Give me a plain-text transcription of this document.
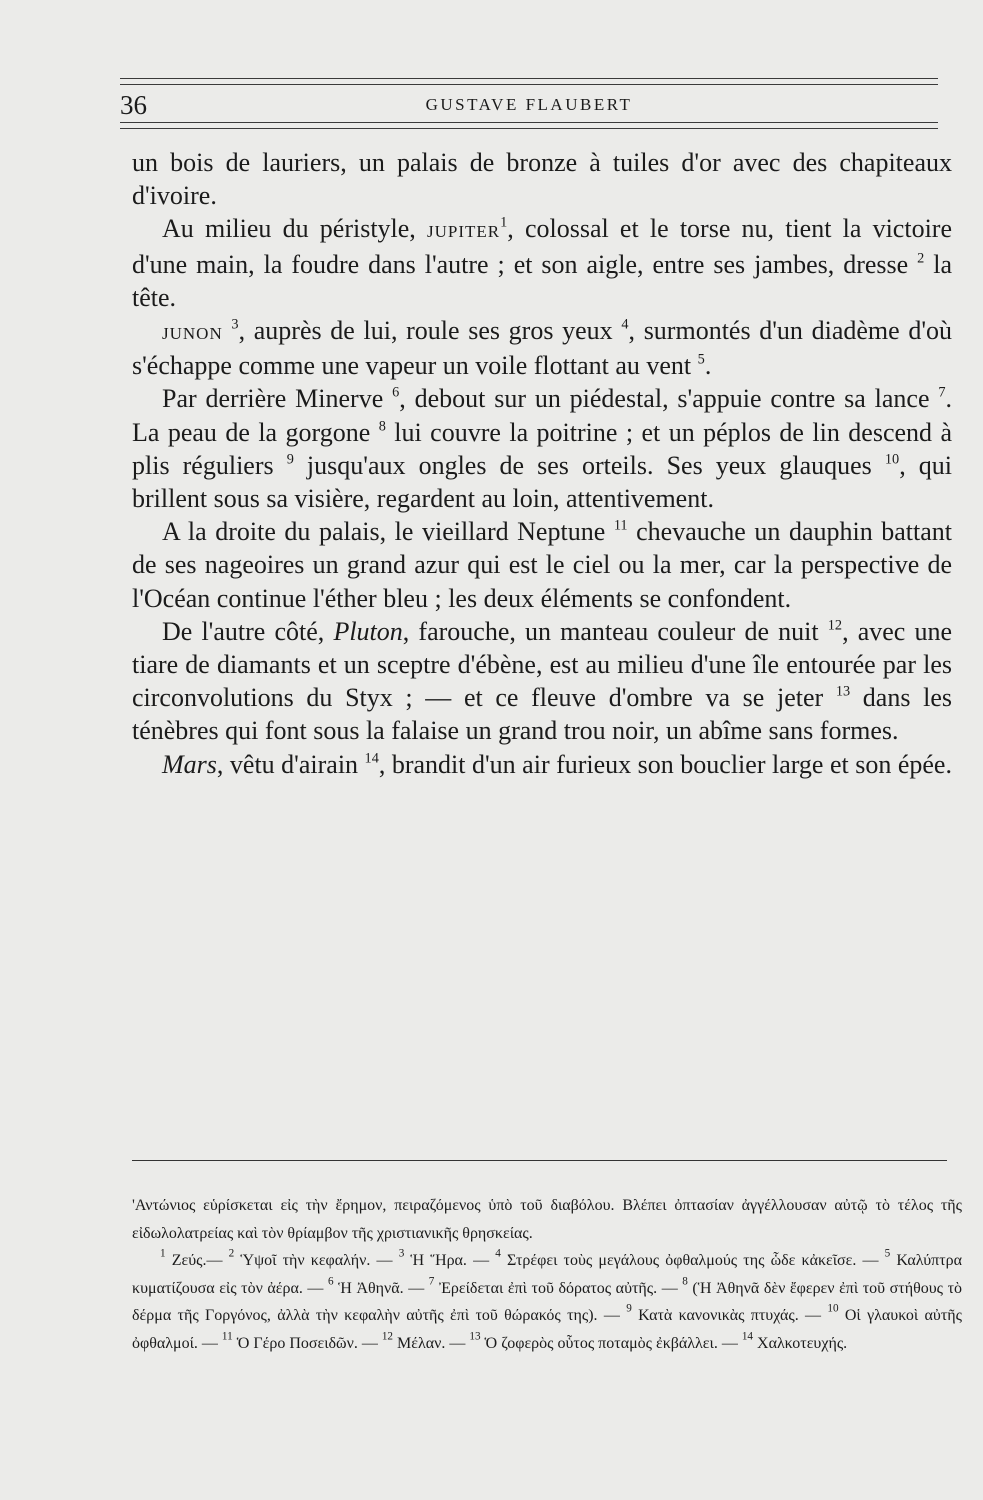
36	GUSTAVE FLAUBERT

un bois de lauriers, un palais de bronze à tuiles d'or avec des chapiteaux d'ivoire.

Au milieu du péristyle, jupiter$^1$, colossal et le torse nu, tient la victoire d'une main, la foudre dans l'autre ; et son aigle, entre ses jambes, dresse $^2$ la tête.

junon $^3$, auprès de lui, roule ses gros yeux $^4$, surmontés d'un diadème d'où s'échappe comme une vapeur un voile flottant au vent $^5$.

Par derrière Minerve $^6$, debout sur un piédestal, s'appuie contre sa lance $^7$. La peau de la gorgone $^8$ lui couvre la poitrine ; et un péplos de lin descend à plis réguliers $^9$ jusqu'aux ongles de ses orteils. Ses yeux glauques $^{10}$, qui brillent sous sa visière, regardent au loin, attentivement.

A la droite du palais, le vieillard Neptune $^{11}$ chevauche un dauphin battant de ses nageoires un grand azur qui est le ciel ou la mer, car la perspective de l'Océan continue l'éther bleu ; les deux éléments se confondent.

De l'autre côté, Pluton, farouche, un manteau couleur de nuit $^{12}$, avec une tiare de diamants et un sceptre d'ébène, est au milieu d'une île entourée par les circonvolutions du Styx ; — et ce fleuve d'ombre va se jeter $^{13}$ dans les ténèbres qui font sous la falaise un grand trou noir, un abîme sans formes.

Mars, vêtu d'airain $^{14}$, brandit d'un air furieux son bouclier large et son épée.

'Αντώνιος εὑρίσκεται εἰς τὴν ἔρημον, πειραζόμενος ὑπὸ τοῦ διαβόλου. Βλέπει ὀπτασίαν ἀγγέλλουσαν αὐτῷ τὸ τέλος τῆς εἰδωλολατρείας καὶ τὸν θρίαμβον τῆς χριστιανικῆς θρησκείας.

$^1$ Ζεύς.— $^2$ Ὑψοῖ τὴν κεφαλήν. — $^3$ Ἡ Ἥρα. — $^4$ Στρέφει τοὺς μεγάλους ὀφθαλμούς της ὧδε κἀκεῖσε. — $^5$ Καλύπτρα κυματίζουσα εἰς τὸν ἀέρα. — $^6$ Ἡ Ἀθηνᾶ. — $^7$ Ἐρείδεται ἐπὶ τοῦ δόρατος αὐτῆς. — $^8$ (Ἡ Ἀθηνᾶ δὲν ἔφερεν ἐπὶ τοῦ στήθους τὸ δέρμα τῆς Γοργόνος, ἀλλὰ τὴν κεφαλὴν αὐτῆς ἐπὶ τοῦ θώρακός της). — $^9$ Κατὰ κανονικὰς πτυχάς. — $^{10}$ Οἱ γλαυκοὶ αὐτῆς ὀφθαλμοί. — $^{11}$ Ὁ Γέρο Ποσειδῶν. — $^{12}$ Μέλαν. — $^{13}$ Ὁ ζοφερὸς οὗτος ποταμὸς ἐκβάλλει. — $^{14}$ Χαλκοτευχής.
